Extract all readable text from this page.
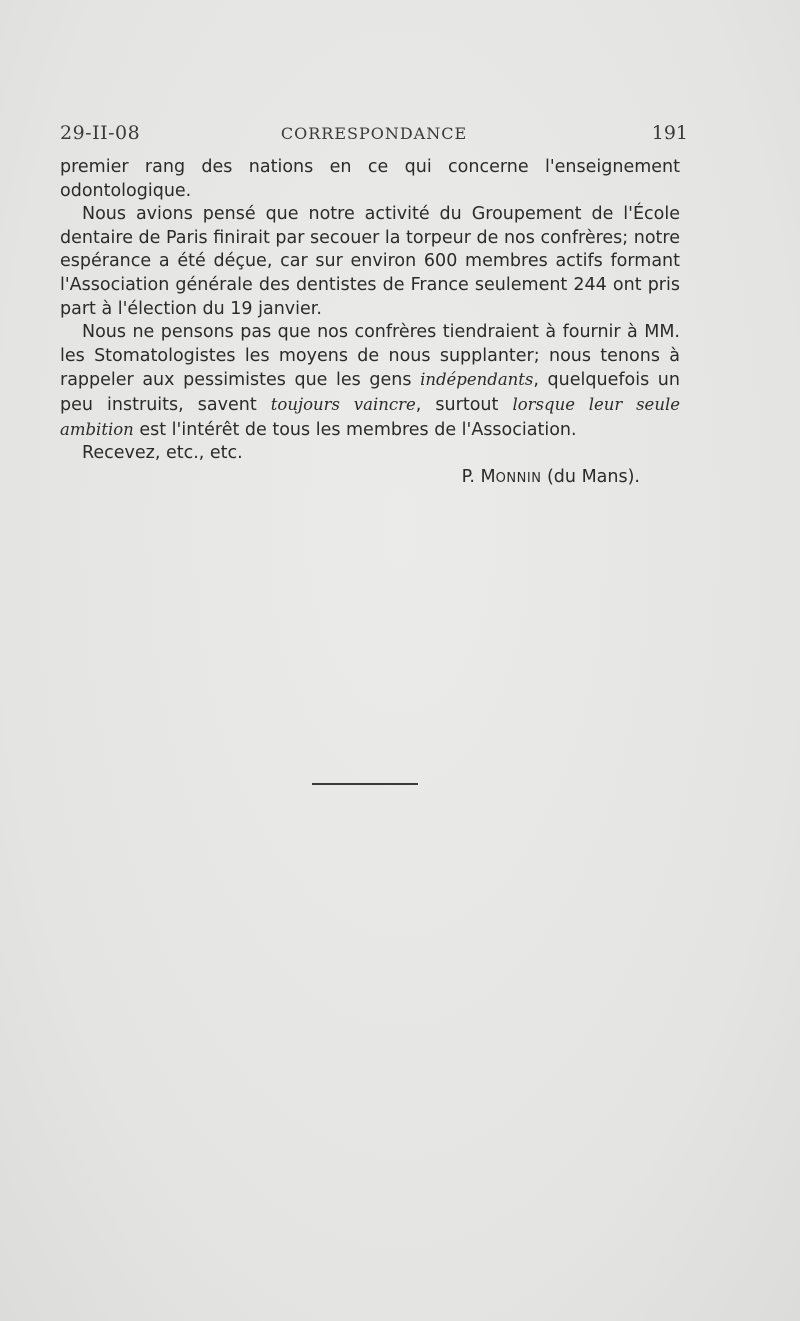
29-II-08	CORRESPONDANCE	191

premier rang des nations en ce qui concerne l'enseignement odontologique.

Nous avions pensé que notre activité du Groupement de l'École dentaire de Paris finirait par secouer la torpeur de nos confrères; notre espérance a été déçue, car sur environ 600 membres actifs formant l'Association générale des dentistes de France seulement 244 ont pris part à l'élection du 19 janvier.

Nous ne pensons pas que nos confrères tiendraient à fournir à MM. les Stomatologistes les moyens de nous supplanter; nous tenons à rappeler aux pessimistes que les gens indépendants, quelquefois un peu instruits, savent toujours vaincre, surtout lorsque leur seule ambition est l'intérêt de tous les membres de l'Association.

Recevez, etc., etc.

P. MONNIN (du Mans).
